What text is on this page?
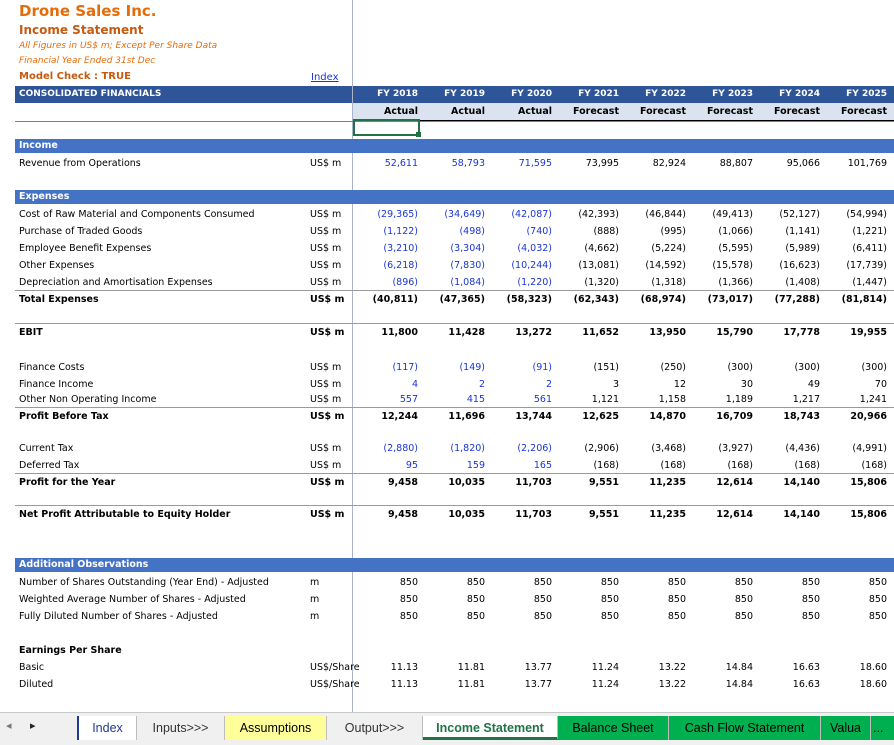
Drone Sales Inc.
Income Statement
All Figures in US$ m; Except Per Share Data
Financial Year Ended 31st Dec
Model Check : TRUE	Index
CONSOLIDATED FINANCIALS	FY 2018	FY 2019	FY 2020	FY 2021	FY 2022	FY 2023	FY 2024	FY 2025
Actual	Actual	Actual	Forecast	Forecast	Forecast	Forecast	Forecast
Income
Expenses
Additional Observations
Revenue from Operations	US$ m	52,611	58,793	71,595	73,995	82,924	88,807	95,066	101,769
Cost of Raw Material and Components Consumed	US$ m	(29,365)	(34,649)	(42,087)	(42,393)	(46,844)	(49,413)	(52,127)	(54,994)
Purchase of Traded Goods	US$ m	(1,122)	(498)	(740)	(888)	(995)	(1,066)	(1,141)	(1,221)
Employee Benefit Expenses	US$ m	(3,210)	(3,304)	(4,032)	(4,662)	(5,224)	(5,595)	(5,989)	(6,411)
Other Expenses	US$ m	(6,218)	(7,830)	(10,244)	(13,081)	(14,592)	(15,578)	(16,623)	(17,739)
Depreciation and Amortisation Expenses	US$ m	(896)	(1,084)	(1,220)	(1,320)	(1,318)	(1,366)	(1,408)	(1,447)
Total Expenses	US$ m	(40,811)	(47,365)	(58,323)	(62,343)	(68,974)	(73,017)	(77,288)	(81,814)
EBIT	US$ m	11,800	11,428	13,272	11,652	13,950	15,790	17,778	19,955
Finance Costs	US$ m	(117)	(149)	(91)	(151)	(250)	(300)	(300)	(300)
Finance Income	US$ m	4	2	2	3	12	30	49	70
Other Non Operating Income	US$ m	557	415	561	1,121	1,158	1,189	1,217	1,241
Profit Before Tax	US$ m	12,244	11,696	13,744	12,625	14,870	16,709	18,743	20,966
Current Tax	US$ m	(2,880)	(1,820)	(2,206)	(2,906)	(3,468)	(3,927)	(4,436)	(4,991)
Deferred Tax	US$ m	95	159	165	(168)	(168)	(168)	(168)	(168)
Profit for the Year	US$ m	9,458	10,035	11,703	9,551	11,235	12,614	14,140	15,806
Net Profit Attributable to Equity Holder	US$ m	9,458	10,035	11,703	9,551	11,235	12,614	14,140	15,806
Number of Shares Outstanding (Year End) - Adjusted	m	850	850	850	850	850	850	850	850
Weighted Average Number of Shares - Adjusted	m	850	850	850	850	850	850	850	850
Fully Diluted Number of Shares - Adjusted	m	850	850	850	850	850	850	850	850
Earnings Per Share
Basic	US$/Share	11.13	11.81	13.77	11.24	13.22	14.84	16.63	18.60
Diluted	US$/Share	11.13	11.81	13.77	11.24	13.22	14.84	16.63	18.60
◂ ▸	Index	Inputs>>>	Assumptions	Output>>>	Income Statement	Balance Sheet	Cash Flow Statement	Valua ...
